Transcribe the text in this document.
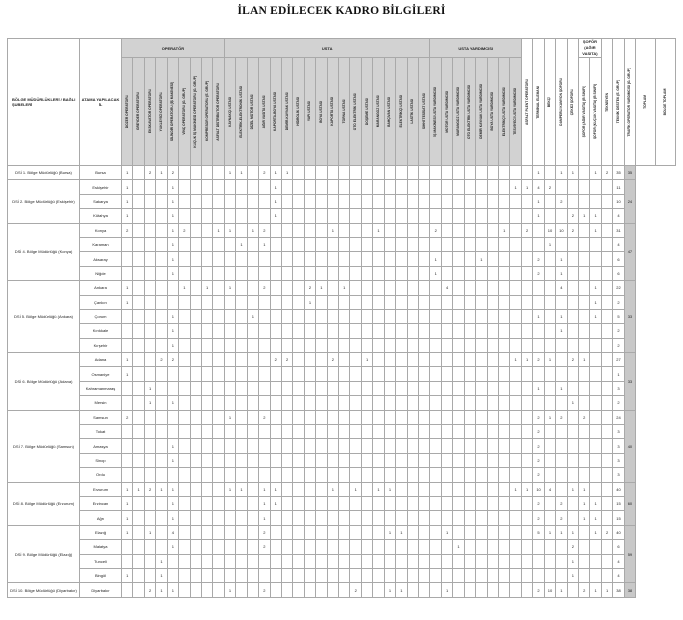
İLAN EDİLECEK KADRO BİLGİLERİ
BÖLGE MÜDÜRLÜKLERİ / BAĞLI ŞUBELERİ	ATAMA YAPILACAK İL	OPERATÖR									USTA																		USTA YARDIMCISI								ASFALT PLENT OPERATÖRÜ	TERMİNAL ELEMANI	BEKÇİ	DAMPERLİ KAMYON ŞOFÖRÜ	ÇEKİCİ ŞOFÖRÜ	ŞOFÖR (AĞIR VASITA)		TEKNİSYEN	TEKNİK DESTEK (E. GRUP)	TRAFİK OPERATÖR YARDIMCISI (G. GRUP)	TOPLAM	BÖLGE TOPLAMI

		DOZER OPERATÖRÜ	GREYDER OPERATÖRÜ	EKSKAVATÖR OPERATÖRÜ	YÜKLEYİCİ OPERATÖRÜ	SİLİNDİR OPERATÖRÜ (İŞ MAKİNESİ)	VİNÇ OPERATÖRÜ (G. GRUP)	KÜÇÜK İŞ MAKİNESİ OPERATÖRÜ (G. GRUP)	KOMPRESÖR OPERATÖRÜ (E. GRUP)	ASFALT DİSTRİBÜTÖR OPERATÖRÜ	KAYNAKÇI USTASI	ELEKTRİK-ELEKTRONİK USTASI	DİZEL MOTOR USTASI	AĞIR VASITA USTASI	KAPORTA-BOYA USTASI	DEMİR-KAYNAK USTASI	HİDROLİK USTASI	YAPI USTASI	BOYA USTASI	KAPORTA USTASI	TORNA USTASI	OTO ELEKTRİK USTASI	DÖŞEME USTASI	MARANGOZ USTASI	BAHÇIVAN USTASI	ELEKTRİKÇİ USTASI	LASTİK USTASI	SIHHİ TESİSAT USTASI	İŞ MAKİNESİ USTA YARDIMCISI	MOTOR USTA YARDIMCISI	MARANGOZ USTA YARDIMCISI	OTO ELEKTRİK USTA YARDIMCISI	DEMİR KAYNAK USTA YARDIMCISI	BOYA USTA YARDIMCISI	ELEKTRİKÇİ USTA YARDIMCISI	TESVİYECİ USTA YARDIMCISI						ŞOFÖR (AĞIR VASITA) (B SINIFI)	ŞOFÖR (KÜÇÜK VASITA) (B SINIFI)					

DSİ 1. Bölge Müdürlüğü (Bursa)	Bursa	1		2	1	2					1	1		2	1	1																						1		1	1		1	2	35	35		
DSİ 2. Bölge Müdürlüğü (Eskişehir)	Eskişehir	1				1									1																					1	1	4	2						11	24		
	Sakarya	1				1									1																							1		2					10			
	Kütahya	1				1									1																							1			2	1	1		4			
DSİ 4. Bölge Müdürlüğü (Konya)	Konya	2				1	2			1	1		1	2						1				1					2						1		2		10	10	2		1		31	47		
	Karaman					1						1		1																									1						4			
	Aksaray					1																							1				1					2		1					6			
	Niğde					1																							1									2		1					6			
DSİ 5. Bölge Müdürlüğü (Ankara)	Ankara	1					1		1		1			2				2	1		1									4										4			1		22	33		
	Çankırı	1																1																									1		2			
	Çorum					1							1																									1		1			1		5			
	Kırıkkale					1																																		1					2			
	Kırşehir					1																																							2			
DSİ 6. Bölge Müdürlüğü (Adana)	Adana	1			2	2									2	2				2			1													1	1	2	1		2	1			27	33		
	Osmaniye	1																																											1			
	Kahramanmaraş			1																																		1		1					3			
	Mersin			1		1																																			1				2			
DSİ 7. Bölge Müdürlüğü (Samsun)	Samsun	2									1			2																								2	1	2		2			24	40		
	Tokat																																					2							3			
	Amasya					1																																2							3			
	Sinop					1																																2							3			
	Ordu																																					2							3			
DSİ 8. Bölge Müdürlüğü (Erzurum)	Erzurum	1	1	2	1	1					1	1		1	1					1		1		1	1											1	1	10	4		1	1			40	60		
	Erzincan	1				1								1	1																							2		2		1	1		15			
	Ağrı	1				1								1																								2		2		1	1		15			
DSİ 9. Bölge Müdürlüğü (Elazığ)	Elazığ	1		1		4								2											1	1				1								5	1	1	1		1	2	40	59		
	Malatya					1								2																	1										2				6			
	Tunceli				1																																				1				4			
	Bingöl	1			1																																				1				4			
DSİ 10. Bölge Müdürlüğü (Diyarbakır)	Diyarbakır			2	1	1					1			2								2			1	1				1								2	10	1		2	1	1	38	38		
